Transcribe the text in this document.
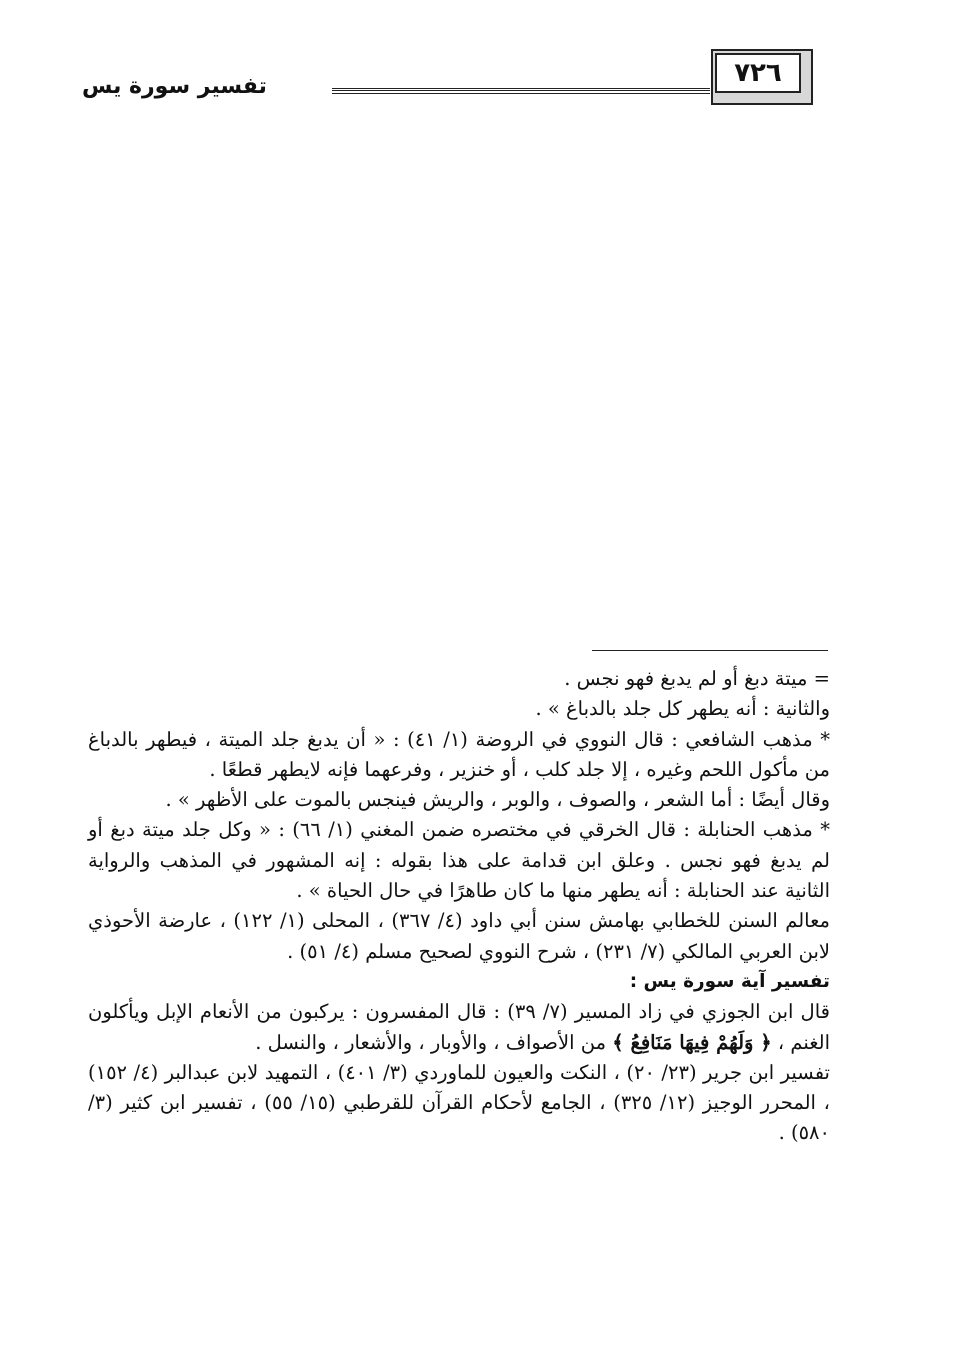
٧٢٦
تفسير سورة يس

= ميتة دبغ أو لم يدبغ فهو نجس .

والثانية : أنه يطهر كل جلد بالدباغ » .

* مذهب الشافعي : قال النووي في الروضة (١/ ٤١) : « أن يدبغ جلد الميتة ، فيطهر بالدباغ من مأكول اللحم وغيره ، إلا جلد كلب ، أو خنزير ، وفرعهما فإنه لايطهر قطعًا .

وقال أيضًا : أما الشعر ، والصوف ، والوبر ، والريش فينجس بالموت على الأظهر » .

* مذهب الحنابلة : قال الخرقي في مختصره ضمن المغني (١/ ٦٦) : « وكل جلد ميتة دبغ أو لم يدبغ فهو نجس . وعلق ابن قدامة على هذا بقوله : إنه المشهور في المذهب والرواية الثانية عند الحنابلة : أنه يطهر منها ما كان طاهرًا في حال الحياة » .

معالم السنن للخطابي بهامش سنن أبي داود (٤/ ٣٦٧) ، المحلى (١/ ١٢٢) ، عارضة الأحوذي لابن العربي المالكي (٧/ ٢٣١) ، شرح النووي لصحيح مسلم (٤/ ٥١) .

تفسير آية سورة يس :

قال ابن الجوزي في زاد المسير (٧/ ٣٩) : قال المفسرون : يركبون من الأنعام الإبل ويأكلون الغنم ، ﴿ وَلَهُمْ فِيهَا مَنَافِعُ ﴾ من الأصواف ، والأوبار ، والأشعار ، والنسل .

تفسير ابن جرير (٢٣/ ٢٠) ، النكت والعيون للماوردي (٣/ ٤٠١) ، التمهيد لابن عبدالبر (٤/ ١٥٢) ، المحرر الوجيز (١٢/ ٣٢٥) ، الجامع لأحكام القرآن للقرطبي (١٥/ ٥٥) ، تفسير ابن كثير (٣/ ٥٨٠) .
